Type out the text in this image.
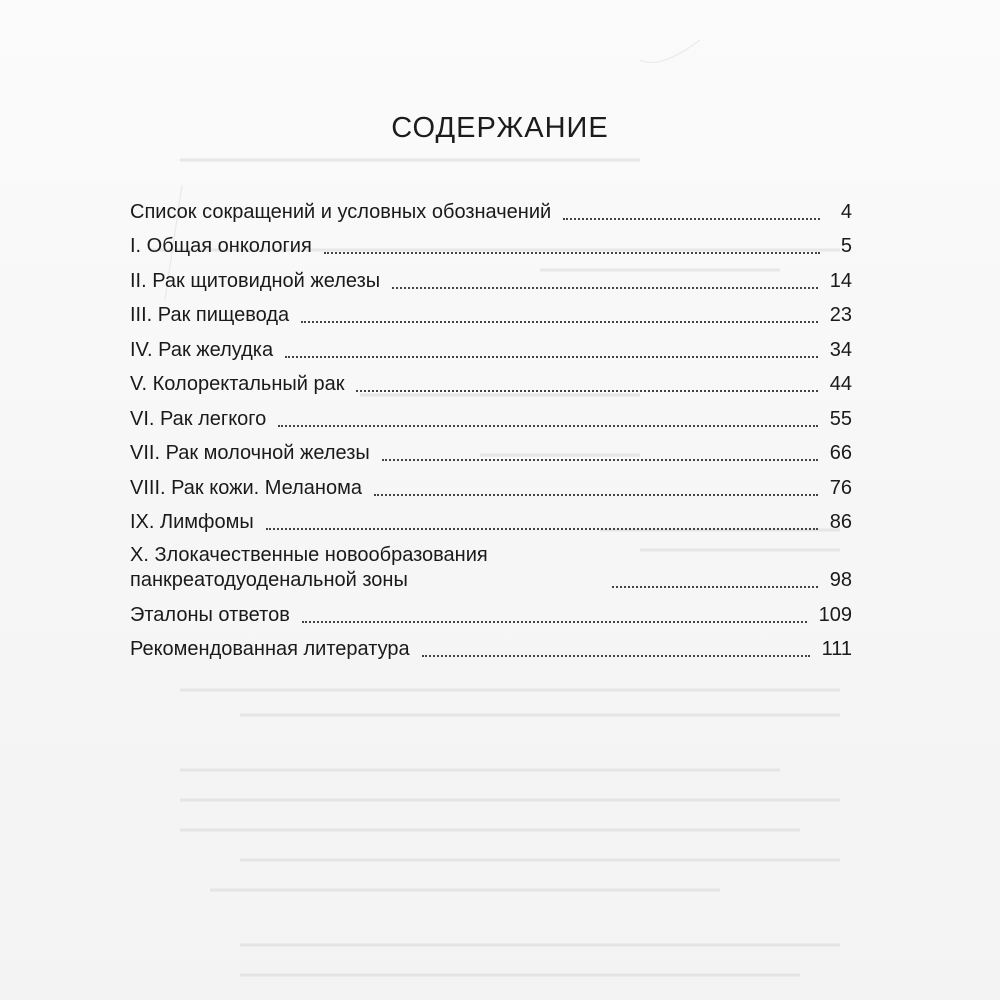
СОДЕРЖАНИЕ
Список сокращений и условных обозначений	4
I. Общая онкология	5
II. Рак щитовидной железы	14
III. Рак пищевода	23
IV. Рак желудка	34
V. Колоректальный рак	44
VI. Рак легкого	55
VII. Рак молочной железы	66
VIII. Рак кожи. Меланома	76
IX. Лимфомы	86
X. Злокачественные новообразования панкреатодуоденальной зоны	98
Эталоны ответов	109
Рекомендованная литература	111
